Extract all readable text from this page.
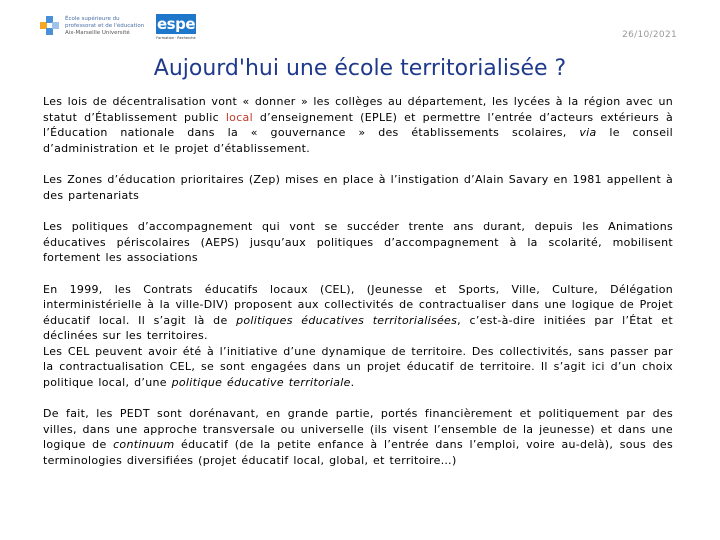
École supérieure du
professorat et de l'éducation
Aix-Marseille Université	espe
Formation · Recherche	26/10/2021
Aujourd'hui une école territorialisée ?

Les lois de décentralisation vont « donner » les collèges au département, les lycées à la région avec un statut d’Établissement public local d’enseignement (EPLE) et permettre l’entrée d’acteurs extérieurs à l’Éducation nationale dans la « gouvernance » des établissements scolaires, via le conseil d’administration et le projet d’établissement.

Les Zones d’éducation prioritaires (Zep) mises en place à l’instigation d’Alain Savary en 1981 appellent à des partenariats

Les politiques d’accompagnement qui vont se succéder trente ans durant, depuis les Animations éducatives périscolaires (AEPS) jusqu’aux politiques d’accompagnement à la scolarité, mobilisent fortement les associations

En 1999, les Contrats éducatifs locaux (CEL), (Jeunesse et Sports, Ville, Culture, Délégation interministérielle à la ville-DIV) proposent aux collectivités de contractualiser dans une logique de Projet éducatif local. Il s’agit là de politiques éducatives territorialisées, c’est-à-dire initiées par l’État et déclinées sur les territoires.

Les CEL peuvent avoir été à l’initiative d’une dynamique de territoire. Des collectivités, sans passer par la contractualisation CEL, se sont engagées dans un projet éducatif de territoire. Il s’agit ici d’un choix politique local, d’une politique éducative territoriale.

De fait, les PEDT sont dorénavant, en grande partie, portés financièrement et politiquement par des villes, dans une approche transversale ou universelle (ils visent l’ensemble de la jeunesse) et dans une logique de continuum éducatif (de la petite enfance à l’entrée dans l’emploi, voire au-delà), sous des terminologies diversifiées (projet éducatif local, global, et territoire…)
